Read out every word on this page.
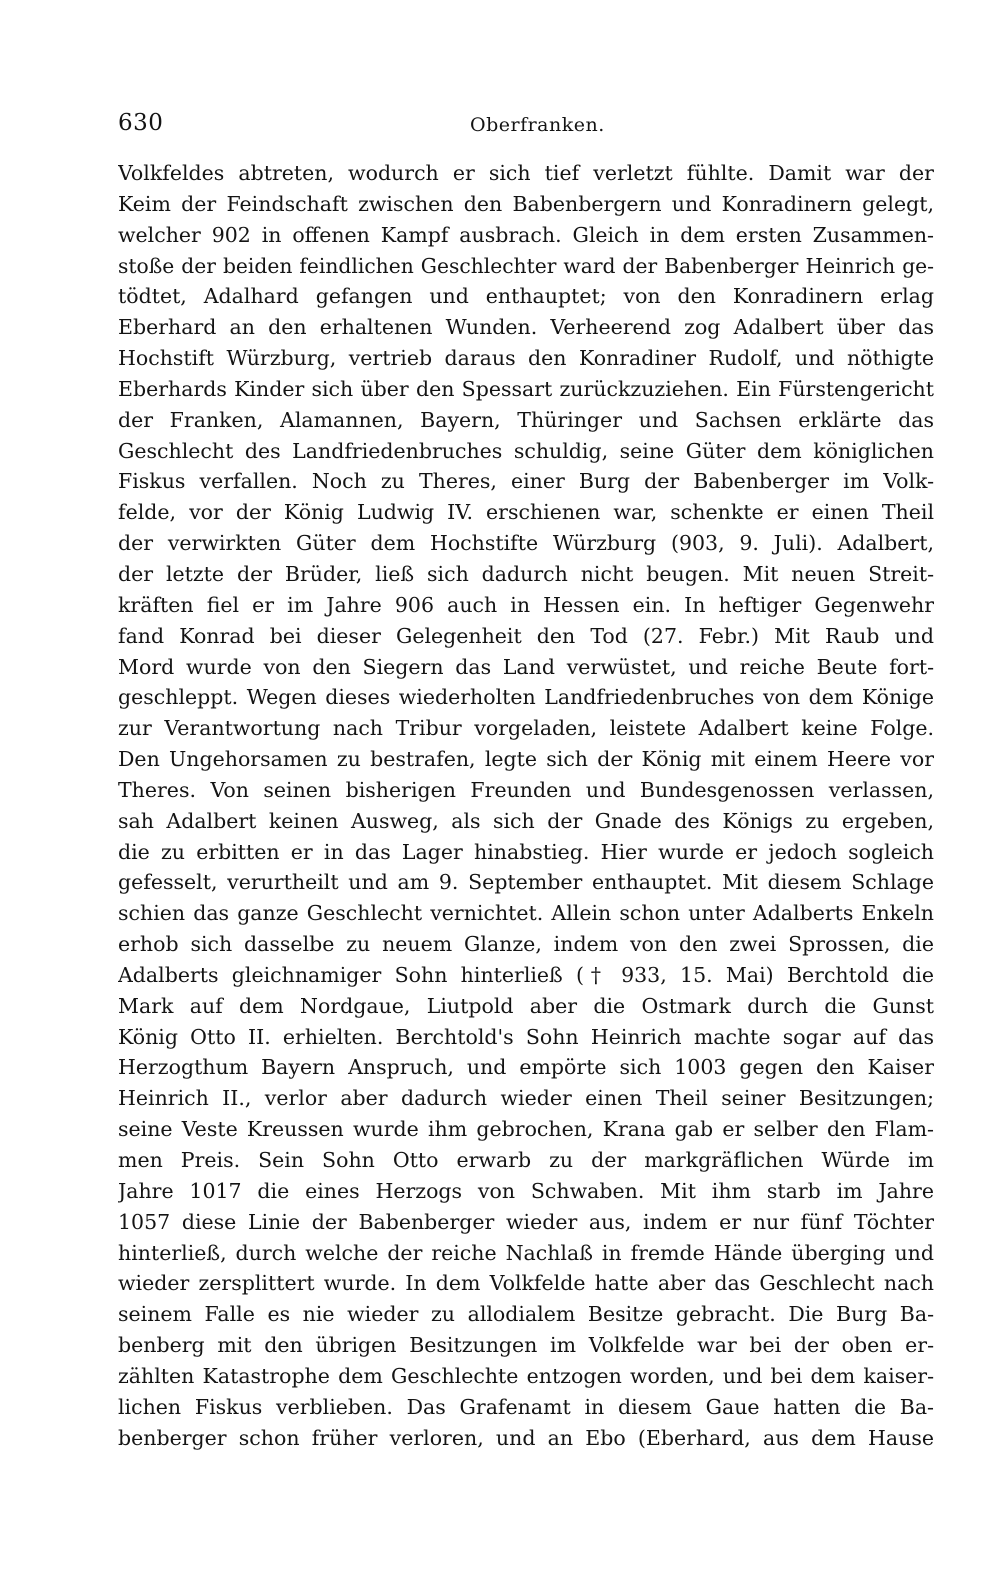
630	Oberfranken.
Volkfeldes abtreten, wodurch er sich tief verletzt fühlte. Damit war der
Keim der Feindschaft zwischen den Babenbergern und Konradinern gelegt,
welcher 902 in offenen Kampf ausbrach. Gleich in dem ersten Zusammen-
stoße der beiden feindlichen Geschlechter ward der Babenberger Heinrich ge-
tödtet, Adalhard gefangen und enthauptet; von den Konradinern erlag
Eberhard an den erhaltenen Wunden. Verheerend zog Adalbert über das
Hochstift Würzburg, vertrieb daraus den Konradiner Rudolf, und nöthigte
Eberhards Kinder sich über den Spessart zurückzuziehen. Ein Fürstengericht
der Franken, Alamannen, Bayern, Thüringer und Sachsen erklärte das
Geschlecht des Landfriedenbruches schuldig, seine Güter dem königlichen
Fiskus verfallen. Noch zu Theres, einer Burg der Babenberger im Volk-
felde, vor der König Ludwig IV. erschienen war, schenkte er einen Theil
der verwirkten Güter dem Hochstifte Würzburg (903, 9. Juli). Adalbert,
der letzte der Brüder, ließ sich dadurch nicht beugen. Mit neuen Streit-
kräften fiel er im Jahre 906 auch in Hessen ein. In heftiger Gegenwehr
fand Konrad bei dieser Gelegenheit den Tod (27. Febr.) Mit Raub und
Mord wurde von den Siegern das Land verwüstet, und reiche Beute fort-
geschleppt. Wegen dieses wiederholten Landfriedenbruches von dem Könige
zur Verantwortung nach Tribur vorgeladen, leistete Adalbert keine Folge.
Den Ungehorsamen zu bestrafen, legte sich der König mit einem Heere vor
Theres. Von seinen bisherigen Freunden und Bundesgenossen verlassen,
sah Adalbert keinen Ausweg, als sich der Gnade des Königs zu ergeben,
die zu erbitten er in das Lager hinabstieg. Hier wurde er jedoch sogleich
gefesselt, verurtheilt und am 9. September enthauptet. Mit diesem Schlage
schien das ganze Geschlecht vernichtet. Allein schon unter Adalberts Enkeln
erhob sich dasselbe zu neuem Glanze, indem von den zwei Sprossen, die
Adalberts gleichnamiger Sohn hinterließ († 933, 15. Mai) Berchtold die
Mark auf dem Nordgaue, Liutpold aber die Ostmark durch die Gunst
König Otto II. erhielten. Berchtold's Sohn Heinrich machte sogar auf das
Herzogthum Bayern Anspruch, und empörte sich 1003 gegen den Kaiser
Heinrich II., verlor aber dadurch wieder einen Theil seiner Besitzungen;
seine Veste Kreussen wurde ihm gebrochen, Krana gab er selber den Flam-
men Preis. Sein Sohn Otto erwarb zu der markgräflichen Würde im
Jahre 1017 die eines Herzogs von Schwaben. Mit ihm starb im Jahre
1057 diese Linie der Babenberger wieder aus, indem er nur fünf Töchter
hinterließ, durch welche der reiche Nachlaß in fremde Hände überging und
wieder zersplittert wurde. In dem Volkfelde hatte aber das Geschlecht nach
seinem Falle es nie wieder zu allodialem Besitze gebracht. Die Burg Ba-
benberg mit den übrigen Besitzungen im Volkfelde war bei der oben er-
zählten Katastrophe dem Geschlechte entzogen worden, und bei dem kaiser-
lichen Fiskus verblieben. Das Grafenamt in diesem Gaue hatten die Ba-
benberger schon früher verloren, und an Ebo (Eberhard, aus dem Hause
